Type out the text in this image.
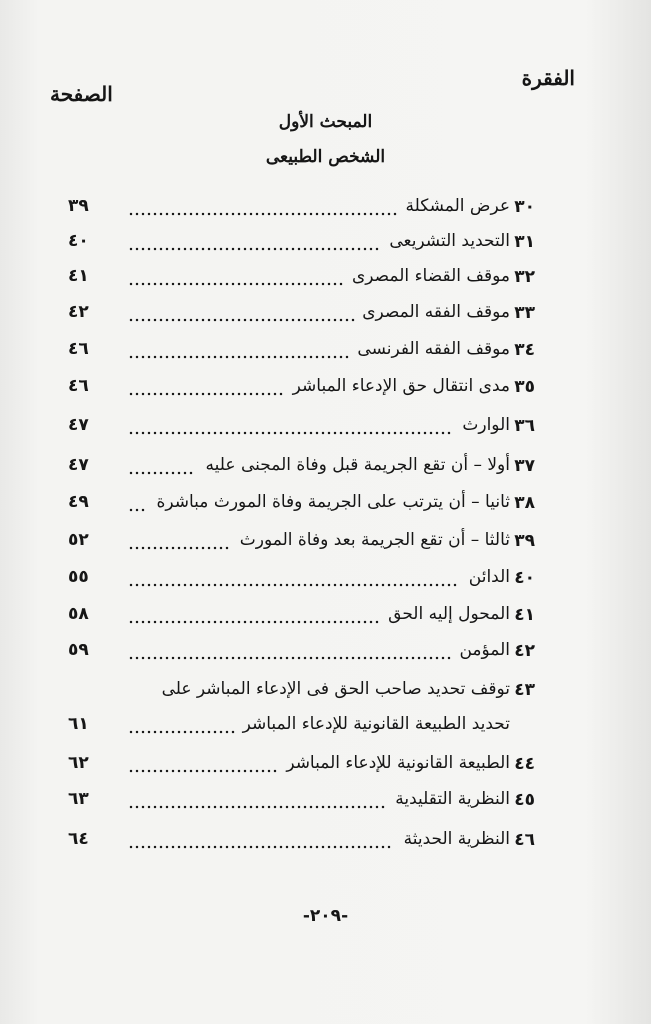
الفقرة
الصفحة
المبحث الأول
الشخص الطبيعى
٣٠
عرض المشكلة
٣٩
٣١
التحديد التشريعى
٤٠
٣٢
موقف القضاء المصرى
٤١
٣٣
موقف الفقه المصرى
٤٢
٣٤
موقف الفقه الفرنسى
٤٦
٣٥
مدى انتقال حق الإدعاء المباشر
٤٦
٣٦
الوارث
٤٧
٣٧
أولا – أن تقع الجريمة قبل وفاة المجنى عليه
٤٧
٣٨
ثانيا – أن يترتب على الجريمة وفاة المورث مباشرة
٤٩
٣٩
ثالثا – أن تقع الجريمة بعد وفاة المورث
٥٢
٤٠
الدائن
٥٥
٤١
المحول إليه الحق
٥٨
٤٢
المؤمن
٥٩
٤٣
توقف تحديد صاحب الحق فى الإدعاء المباشر على
تحديد الطبيعة القانونية للإدعاء المباشر
٦١
٤٤
الطبيعة القانونية للإدعاء المباشر
٦٢
٤٥
النظرية التقليدية
٦٣
٤٦
النظرية الحديثة
٦٤
-٢٠٩-
